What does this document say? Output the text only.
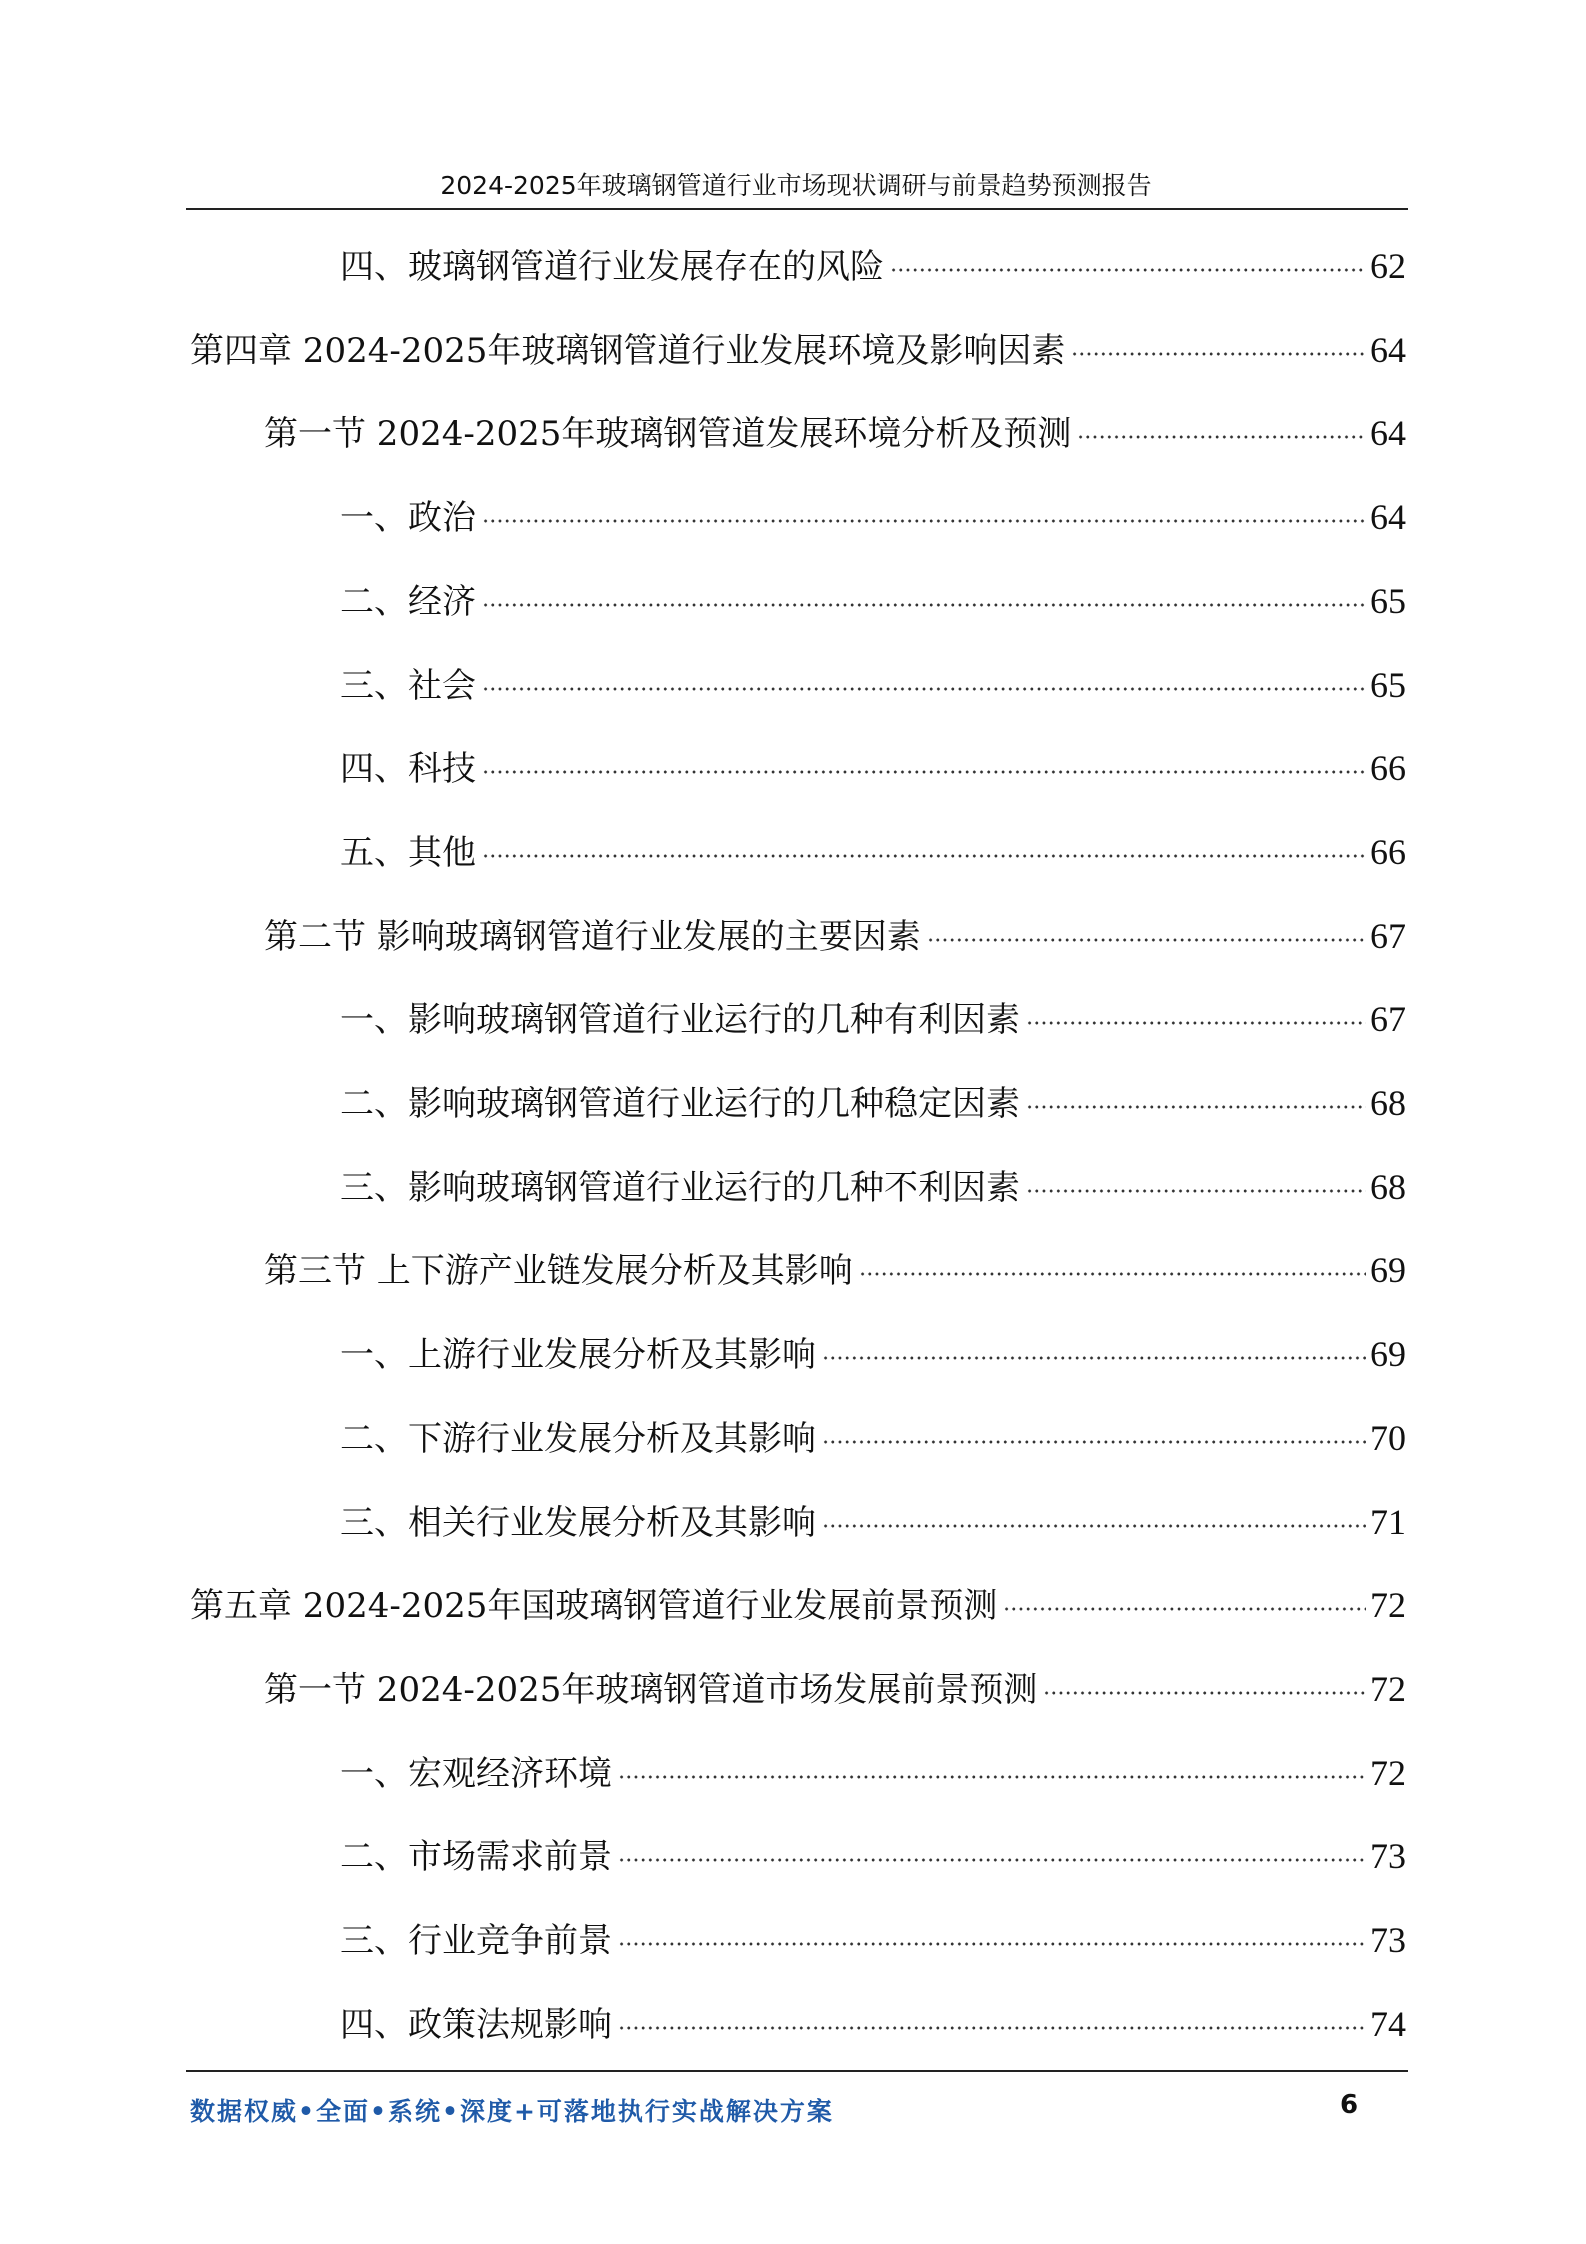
2024-2025年玻璃钢管道行业市场现状调研与前景趋势预测报告
四、玻璃钢管道行业发展存在的风险	62
第四章 2024-2025年玻璃钢管道行业发展环境及影响因素	64
第一节 2024-2025年玻璃钢管道发展环境分析及预测	64
一、政治	64
二、经济	65
三、社会	65
四、科技	66
五、其他	66
第二节 影响玻璃钢管道行业发展的主要因素	67
一、影响玻璃钢管道行业运行的几种有利因素	67
二、影响玻璃钢管道行业运行的几种稳定因素	68
三、影响玻璃钢管道行业运行的几种不利因素	68
第三节 上下游产业链发展分析及其影响	69
一、上游行业发展分析及其影响	69
二、下游行业发展分析及其影响	70
三、相关行业发展分析及其影响	71
第五章 2024-2025年国玻璃钢管道行业发展前景预测	72
第一节 2024-2025年玻璃钢管道市场发展前景预测	72
一、宏观经济环境	72
二、市场需求前景	73
三、行业竞争前景	73
四、政策法规影响	74
数据权威•全面•系统•深度+可落地执行实战解决方案	6
